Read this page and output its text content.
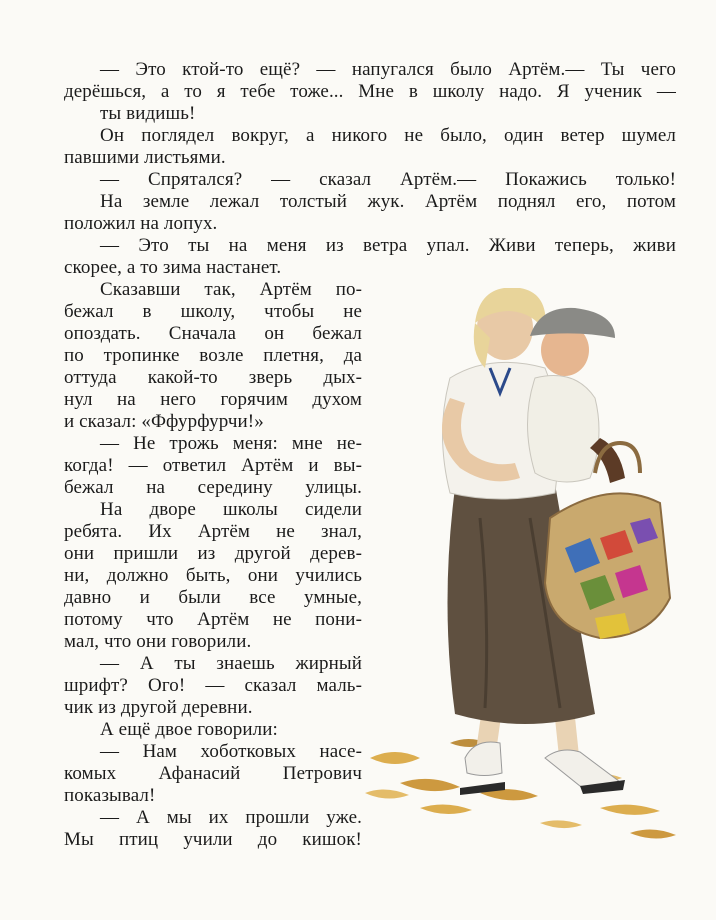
— Это ктой-то ещё? — напугался было Артём.— Ты чего
дерёшься, а то я тебе тоже... Мне в школу надо. Я ученик —
ты видишь!
Он поглядел вокруг, а никого не было, один ветер шумел
павшими листьями.
— Спрятался? — сказал Артём.— Покажись только!
На земле лежал толстый жук. Артём поднял его, потом
положил на лопух.
— Это ты на меня из ветра упал. Живи теперь, живи
скорее, а то зима настанет.
Сказавши так, Артём по-
бежал в школу, чтобы не
опоздать. Сначала он бежал
по тропинке возле плетня, да
оттуда какой-то зверь дых-
нул на него горячим духом
и сказал: «Ффурфурчи!»
— Не трожь меня: мне не-
когда! — ответил Артём и вы-
бежал на середину улицы.
На дворе школы сидели
ребята. Их Артём не знал,
они пришли из другой дерев-
ни, должно быть, они учились
давно и были все умные,
потому что Артём не пони-
мал, что они говорили.
— А ты знаешь жирный
шрифт? Ого! — сказал маль-
чик из другой деревни.
А ещё двое говорили:
— Нам хоботковых насе-
комых Афанасий Петрович
показывал!
— А мы их прошли уже.
Мы птиц учили до кишок!
